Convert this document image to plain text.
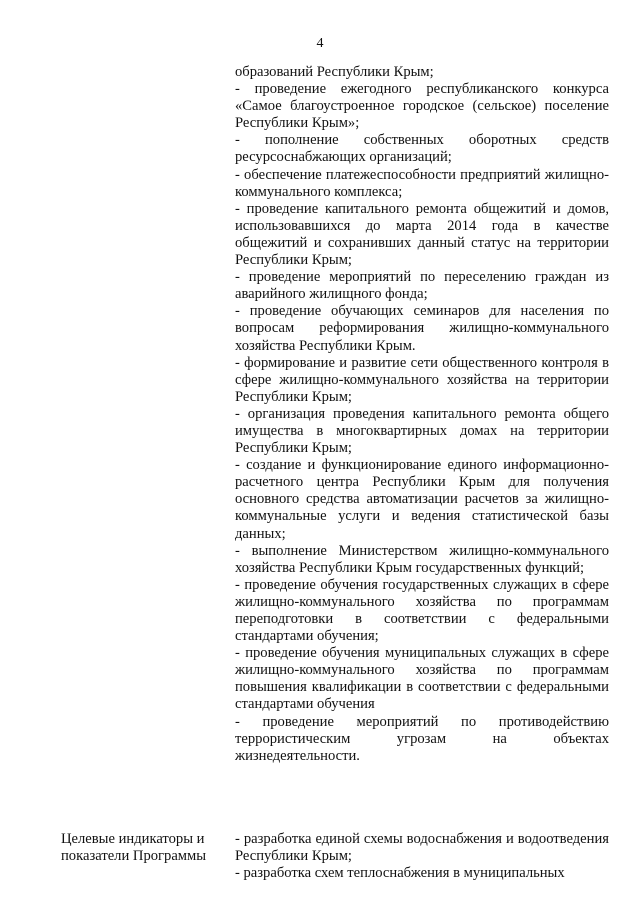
4

образований Республики Крым;

- проведение ежегодного республиканского конкурса «Самое благоустроенное городское (сельское) поселение Республики Крым»;

- пополнение собственных оборотных средств ресурсоснабжающих организаций;

- обеспечение платежеспособности предприятий жилищно-коммунального комплекса;

- проведение капитального ремонта общежитий и домов, использовавшихся до марта 2014 года в качестве общежитий и сохранивших данный статус на территории Республики Крым;

- проведение мероприятий по переселению граждан из аварийного жилищного фонда;

- проведение обучающих семинаров для населения по вопросам реформирования жилищно-коммунального хозяйства Республики Крым.

- формирование и развитие сети общественного контроля в сфере жилищно-коммунального хозяйства на территории Республики Крым;

- организация проведения капитального ремонта общего имущества в многоквартирных домах на территории Республики Крым;

- создание и функционирование единого информационно-расчетного центра Республики Крым для получения основного средства автоматизации расчетов за жилищно-коммунальные услуги и ведения статистической базы данных;

- выполнение Министерством жилищно-коммунального хозяйства Республики Крым государственных функций;

- проведение обучения государственных служащих в сфере жилищно-коммунального хозяйства по программам переподготовки в соответствии с федеральными стандартами обучения;

- проведение обучения муниципальных служащих в сфере жилищно-коммунального хозяйства по программам повышения квалификации в соответствии с федеральными стандартами обучения

- проведение мероприятий по противодействию террористическим угрозам на объектах жизнедеятельности.

Целевые индикаторы и показатели Программы

- разработка единой схемы водоснабжения и водоотведения Республики Крым;

- разработка схем теплоснабжения в муниципальных
